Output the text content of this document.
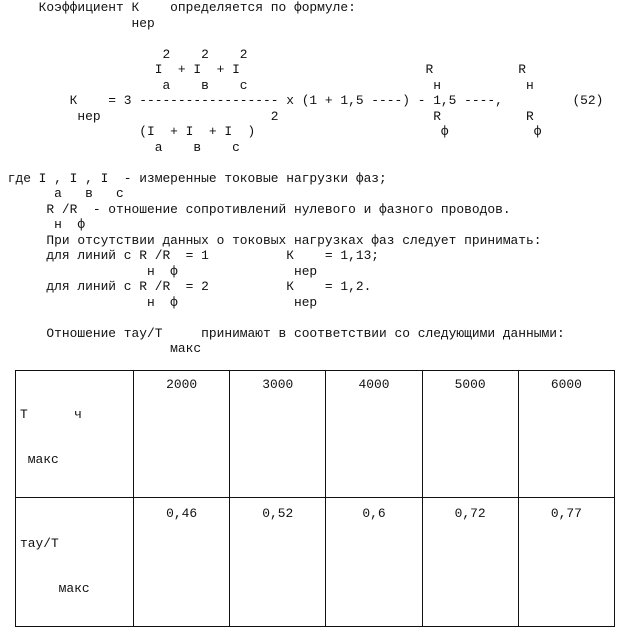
Коэффициент К    определяется по формуле:
нер
2    2    2
I  + I  + I                        R           R
а    в    с                        н           н
К    = 3 ------------------ х (1 + 1,5 ----) - 1,5 ----,         (52)
нер                      2                    R           R
(I  + I  + I  )                        ф           ф
а    в    с
где I , I , I  - измеренные токовые нагрузки фаз;
а   в   с
R /R  - отношение сопротивлений нулевого и фазного проводов.
н  ф
При отсутствии данных о токовых нагрузках фаз следует принимать:
для линий с R /R  = 1          К    = 1,13;
н  ф               нер
для линий с R /R  = 2          К    = 1,2.
н  ф               нер
Отношение тау/Т     принимают в соответствии со следующими данными:
макс

Т      ч

макс	2000	3000	4000	5000	6000

тау/Т

макс	0,46	0,52	0,6	0,72	0,77
